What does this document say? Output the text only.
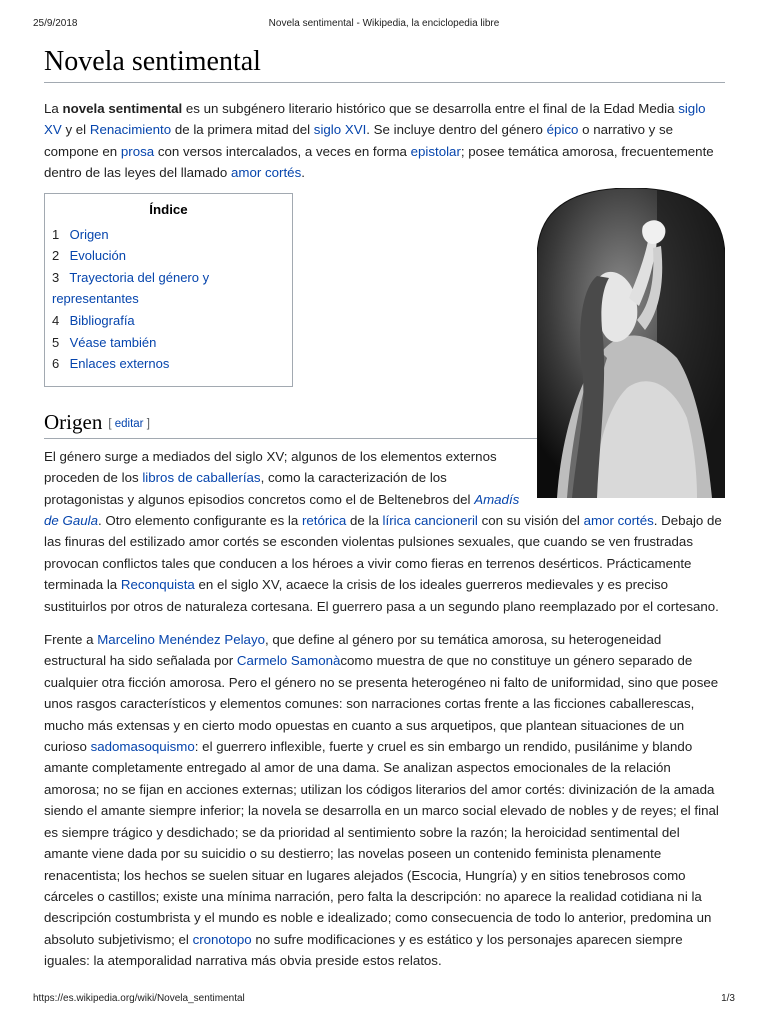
25/9/2018	Novela sentimental - Wikipedia, la enciclopedia libre
Novela sentimental

La novela sentimental es un subgénero literario histórico que se desarrolla entre el final de la Edad Media siglo XV y el Renacimiento de la primera mitad del siglo XVI. Se incluye dentro del género épico o narrativo y se compone en prosa con versos intercalados, a veces en forma epistolar; posee temática amorosa, frecuentemente dentro de las leyes del llamado amor cortés.

Índice
1 Origen
2 Evolución
3 Trayectoria del género y representantes
4 Bibliografía
5 Véase también
6 Enlaces externos
Origen [ editar ]

El género surge a mediados del siglo XV; algunos de los elementos externos proceden de los libros de caballerías, como la caracterización de los protagonistas y algunos episodios concretos como el de Beltenebros del Amadís de Gaula. Otro elemento configurante es la retórica de la lírica cancioneril con su visión del amor cortés. Debajo de las finuras del estilizado amor cortés se esconden violentas pulsiones sexuales, que cuando se ven frustradas provocan conflictos tales que conducen a los héroes a vivir como fieras en terrenos desérticos. Prácticamente terminada la Reconquista en el siglo XV, acaece la crisis de los ideales guerreros medievales y es preciso sustituirlos por otros de naturaleza cortesana. El guerrero pasa a un segundo plano reemplazado por el cortesano.

Frente a Marcelino Menéndez Pelayo, que define al género por su temática amorosa, su heterogeneidad estructural ha sido señalada por Carmelo Samonàcomo muestra de que no constituye un género separado de cualquier otra ficción amorosa. Pero el género no se presenta heterogéneo ni falto de uniformidad, sino que posee unos rasgos característicos y elementos comunes: son narraciones cortas frente a las ficciones caballerescas, mucho más extensas y en cierto modo opuestas en cuanto a sus arquetipos, que plantean situaciones de un curioso sadomasoquismo: el guerrero inflexible, fuerte y cruel es sin embargo un rendido, pusilánime y blando amante completamente entregado al amor de una dama. Se analizan aspectos emocionales de la relación amorosa; no se fijan en acciones externas; utilizan los códigos literarios del amor cortés: divinización de la amada siendo el amante siempre inferior; la novela se desarrolla en un marco social elevado de nobles y de reyes; el final es siempre trágico y desdichado; se da prioridad al sentimiento sobre la razón; la heroicidad sentimental del amante viene dada por su suicidio o su destierro; las novelas poseen un contenido feminista plenamente renacentista; los hechos se suelen situar en lugares alejados (Escocia, Hungría) y en sitios tenebrosos como cárceles o castillos; existe una mínima narración, pero falta la descripción: no aparece la realidad cotidiana ni la descripción costumbrista y el mundo es noble e idealizado; como consecuencia de todo lo anterior, predomina un absoluto subjetivismo; el cronotopo no sufre modificaciones y es estático y los personajes aparecen siempre iguales: la atemporalidad narrativa más obvia preside estos relatos.

https://es.wikipedia.org/wiki/Novela_sentimental	1/3
